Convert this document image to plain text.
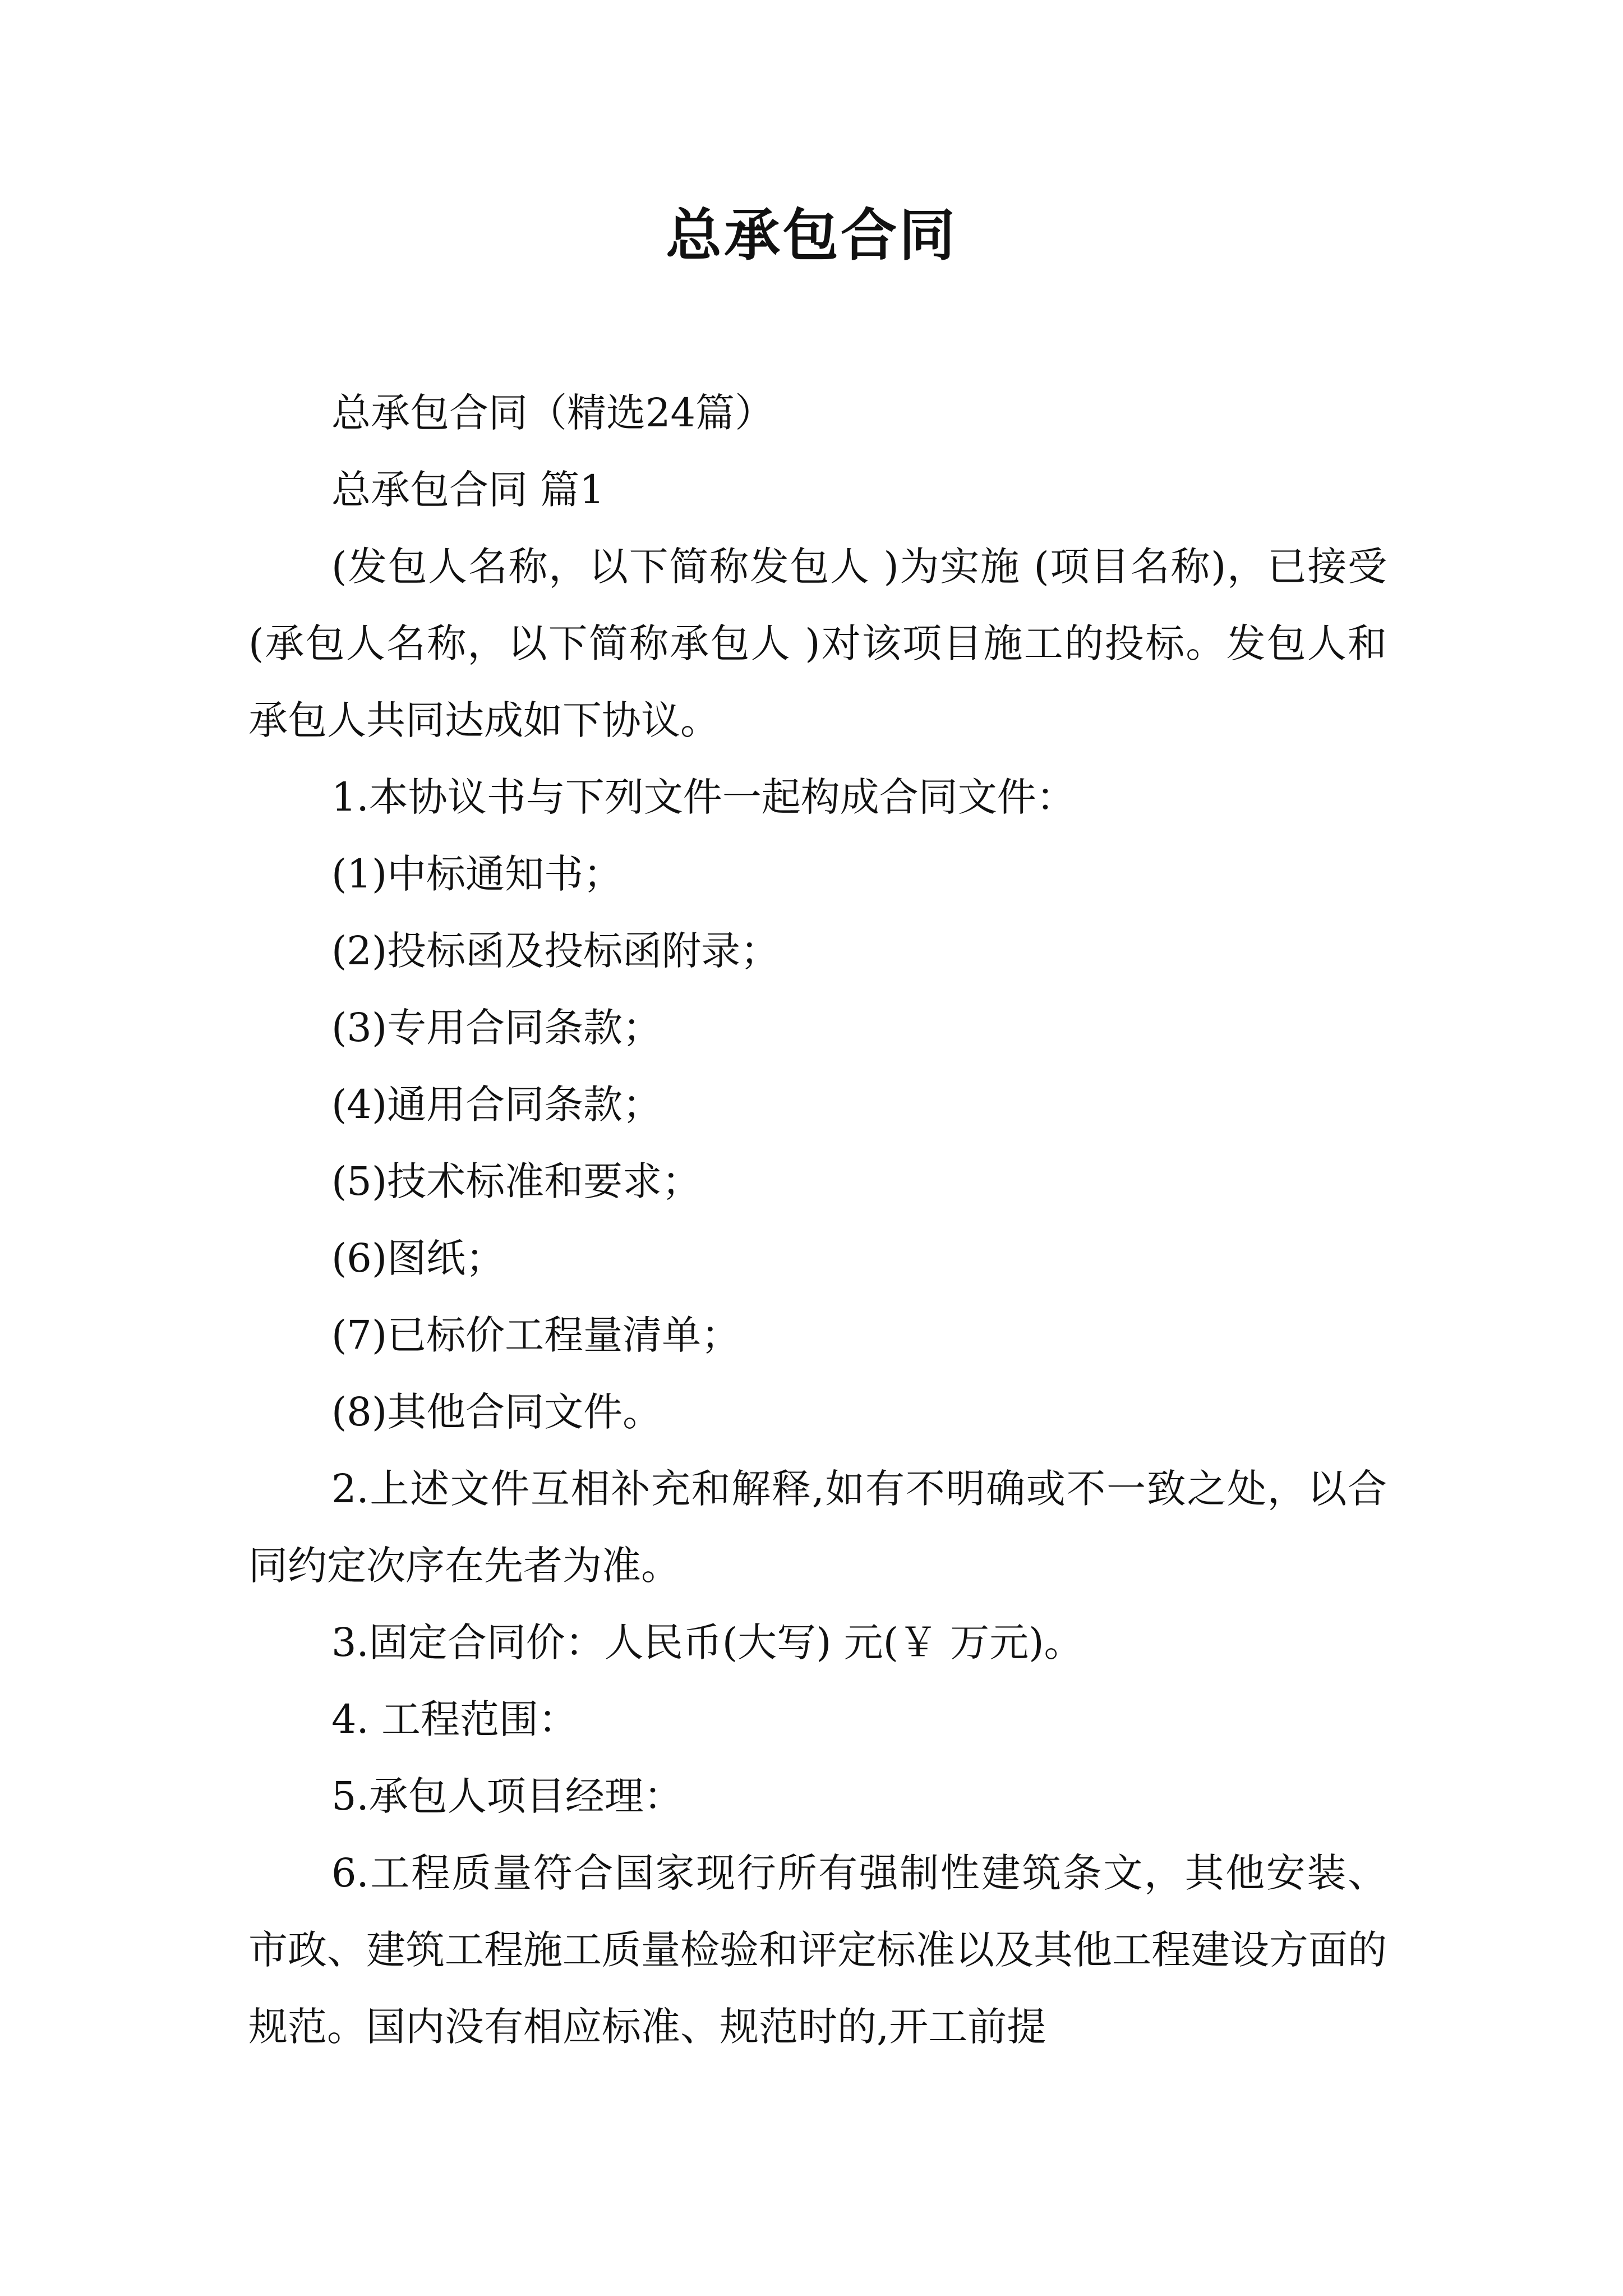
总承包合同

总承包合同（精选24篇）

总承包合同 篇1

(发包人名称，以下简称发包人 )为实施 (项目名称)，已接受 (承包人名称，以下简称承包人 )对该项目施工的投标。发包人和承包人共同达成如下协议。

1.本协议书与下列文件一起构成合同文件：

(1)中标通知书；

(2)投标函及投标函附录；

(3)专用合同条款；

(4)通用合同条款；

(5)技术标准和要求；

(6)图纸；

(7)已标价工程量清单；

(8)其他合同文件。

2.上述文件互相补充和解释,如有不明确或不一致之处，以合同约定次序在先者为准。

3.固定合同价：人民币(大写) 元(￥ 万元)。

4. 工程范围：

5.承包人项目经理：

6.工程质量符合国家现行所有强制性建筑条文，其他安装、市政、建筑工程施工质量检验和评定标准以及其他工程建设方面的规范。国内没有相应标准、规范时的,开工前提
